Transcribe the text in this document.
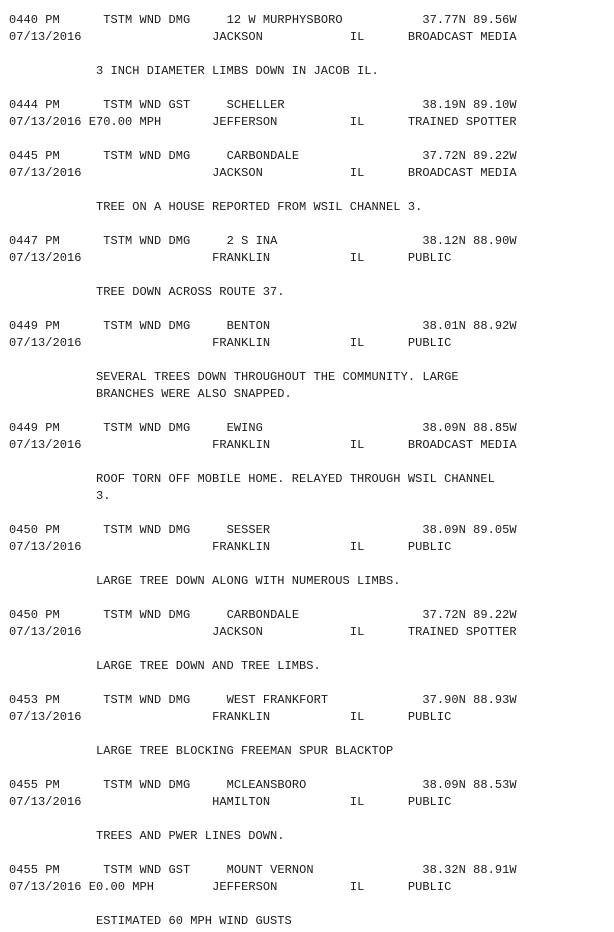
0440 PM	TSTM WND DMG	12 W MURPHYSBORO	37.77N 89.56W
07/13/2016	JACKSON	IL	BROADCAST MEDIA
3 INCH DIAMETER LIMBS DOWN IN JACOB IL.
0444 PM	TSTM WND GST	SCHELLER	38.19N 89.10W
07/13/2016 E70.00 MPH	JEFFERSON	IL	TRAINED SPOTTER
0445 PM	TSTM WND DMG	CARBONDALE	37.72N 89.22W
07/13/2016	JACKSON	IL	BROADCAST MEDIA
TREE ON A HOUSE REPORTED FROM WSIL CHANNEL 3.
0447 PM	TSTM WND DMG	2 S INA	38.12N 88.90W
07/13/2016	FRANKLIN	IL	PUBLIC
TREE DOWN ACROSS ROUTE 37.
0449 PM	TSTM WND DMG	BENTON	38.01N 88.92W
07/13/2016	FRANKLIN	IL	PUBLIC
SEVERAL TREES DOWN THROUGHOUT THE COMMUNITY. LARGE
BRANCHES WERE ALSO SNAPPED.
0449 PM	TSTM WND DMG	EWING	38.09N 88.85W
07/13/2016	FRANKLIN	IL	BROADCAST MEDIA
ROOF TORN OFF MOBILE HOME. RELAYED THROUGH WSIL CHANNEL
3.
0450 PM	TSTM WND DMG	SESSER	38.09N 89.05W
07/13/2016	FRANKLIN	IL	PUBLIC
LARGE TREE DOWN ALONG WITH NUMEROUS LIMBS.
0450 PM	TSTM WND DMG	CARBONDALE	37.72N 89.22W
07/13/2016	JACKSON	IL	TRAINED SPOTTER
LARGE TREE DOWN AND TREE LIMBS.
0453 PM	TSTM WND DMG	WEST FRANKFORT	37.90N 88.93W
07/13/2016	FRANKLIN	IL	PUBLIC
LARGE TREE BLOCKING FREEMAN SPUR BLACKTOP
0455 PM	TSTM WND DMG	MCLEANSBORO	38.09N 88.53W
07/13/2016	HAMILTON	IL	PUBLIC
TREES AND PWER LINES DOWN.
0455 PM	TSTM WND GST	MOUNT VERNON	38.32N 88.91W
07/13/2016 E0.00 MPH	JEFFERSON	IL	PUBLIC
ESTIMATED 60 MPH WIND GUSTS
